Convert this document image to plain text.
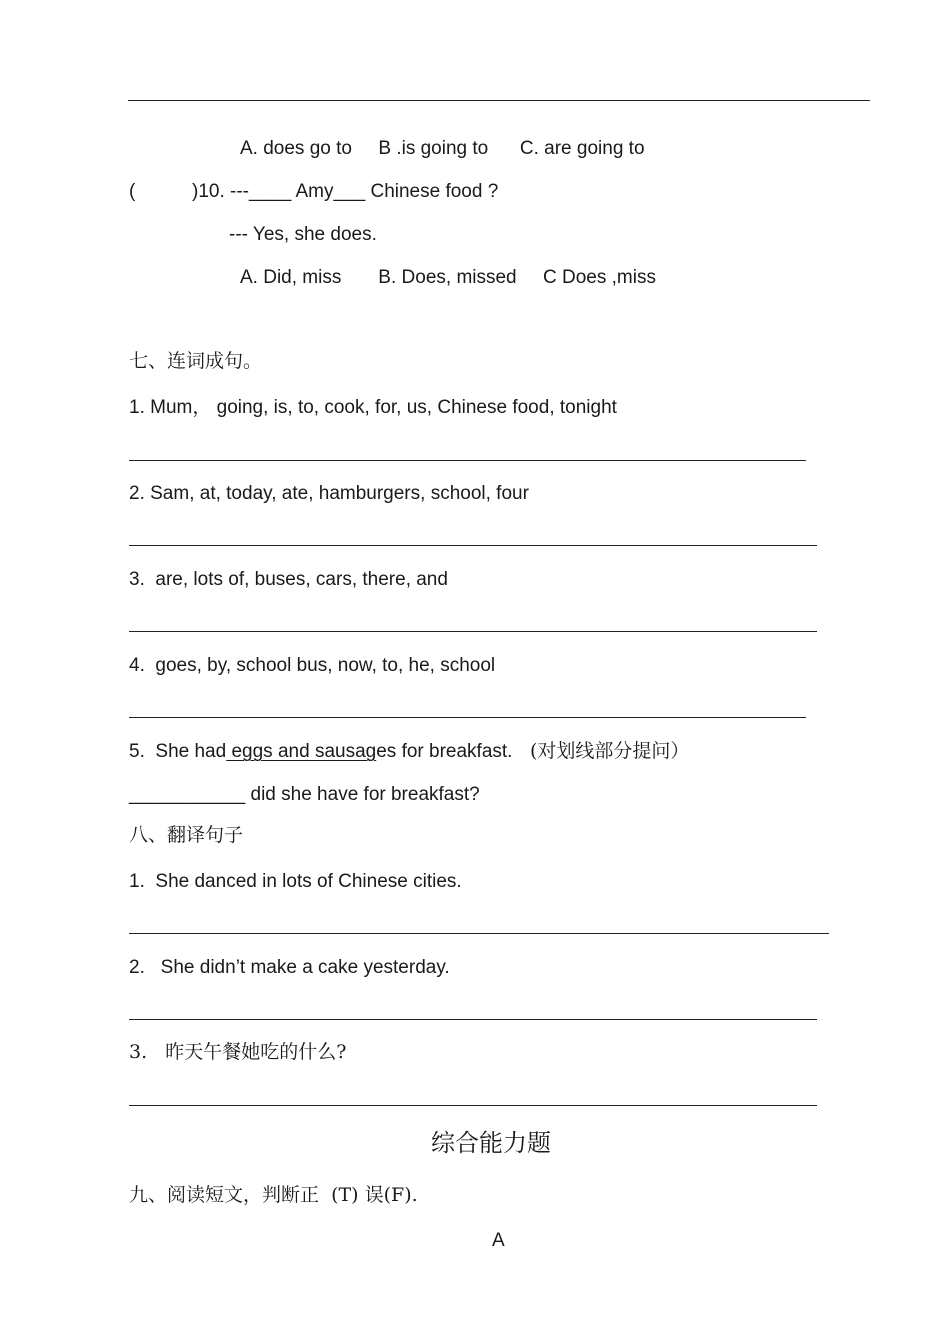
A. does go to     B .is going to      C. are going to
(	)10. ---____ Amy___ Chinese food ?
--- Yes, she does.
A. Did, miss       B. Does, missed     C Does ,miss
七、连词成句。
1. Mum， going, is, to, cook, for, us, Chinese food, tonight
2. Sam, at, today, ate, hamburgers, school, four
3.  are, lots of, buses, cars, there, and
4.  goes, by, school bus, now, to, he, school
5.  She had eggs and sausages for breakfast. (对划线部分提问）
___________ did she have for breakfast?
八、翻译句子
1.  She danced in lots of Chinese cities.
2.   She didn’t make a cake yesterday.
3.   昨天午餐她吃的什么?
综合能力题
九、阅读短文，判断正  (T) 误(F).
A
